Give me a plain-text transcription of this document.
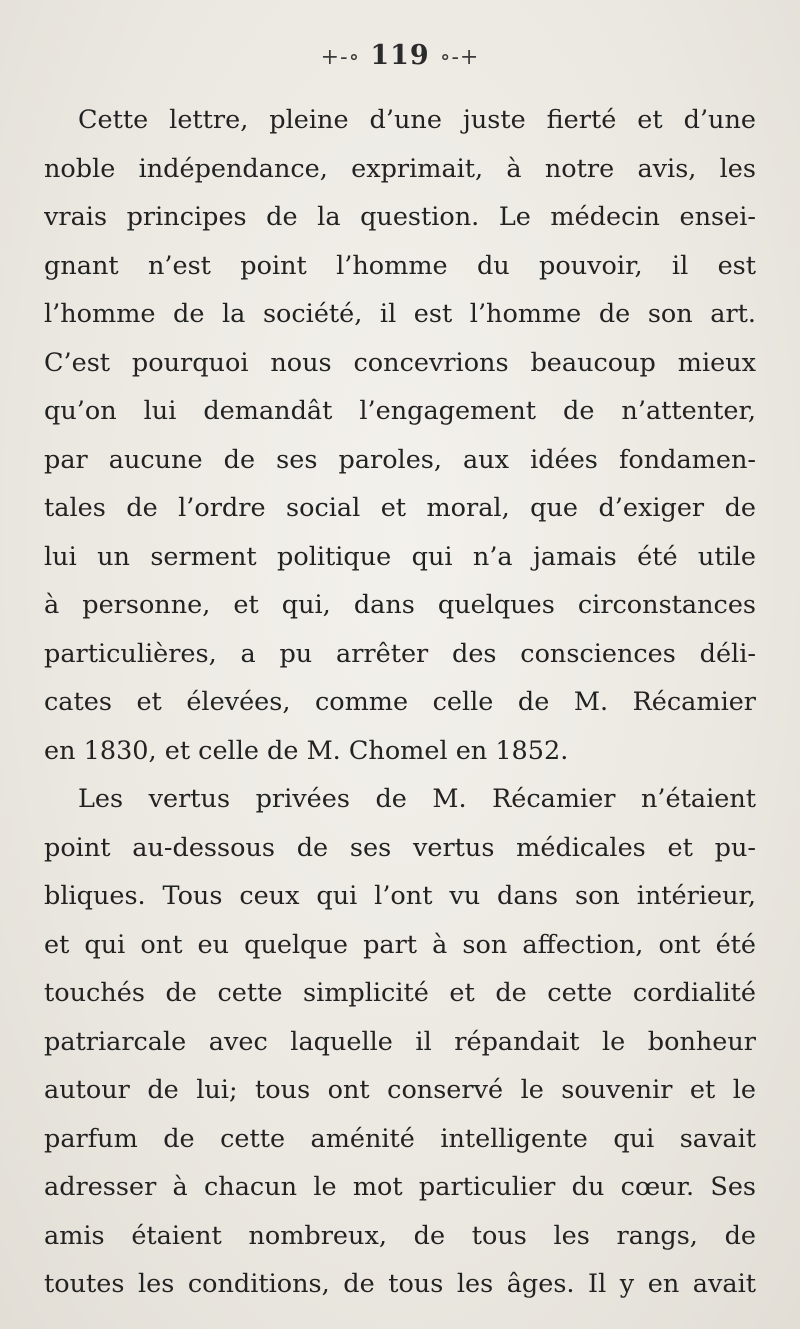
+-∘ 119 ∘-+
Cette lettre, pleine d’une juste fierté et d’une
noble indépendance, exprimait, à notre avis, les
vrais principes de la question. Le médecin ensei-
gnant n’est point l’homme du pouvoir, il est
l’homme de la société, il est l’homme de son art.
C’est pourquoi nous concevrions beaucoup mieux
qu’on lui demandât l’engagement de n’attenter,
par aucune de ses paroles, aux idées fondamen-
tales de l’ordre social et moral, que d’exiger de
lui un serment politique qui n’a jamais été utile
à personne, et qui, dans quelques circonstances
particulières, a pu arrêter des consciences déli-
cates et élevées, comme celle de M. Récamier
en 1830, et celle de M. Chomel en 1852.
Les vertus privées de M. Récamier n’étaient
point au-dessous de ses vertus médicales et pu-
bliques. Tous ceux qui l’ont vu dans son intérieur,
et qui ont eu quelque part à son affection, ont été
touchés de cette simplicité et de cette cordialité
patriarcale avec laquelle il répandait le bonheur
autour de lui; tous ont conservé le souvenir et le
parfum de cette aménité intelligente qui savait
adresser à chacun le mot particulier du cœur. Ses
amis étaient nombreux, de tous les rangs, de
toutes les conditions, de tous les âges. Il y en avait
